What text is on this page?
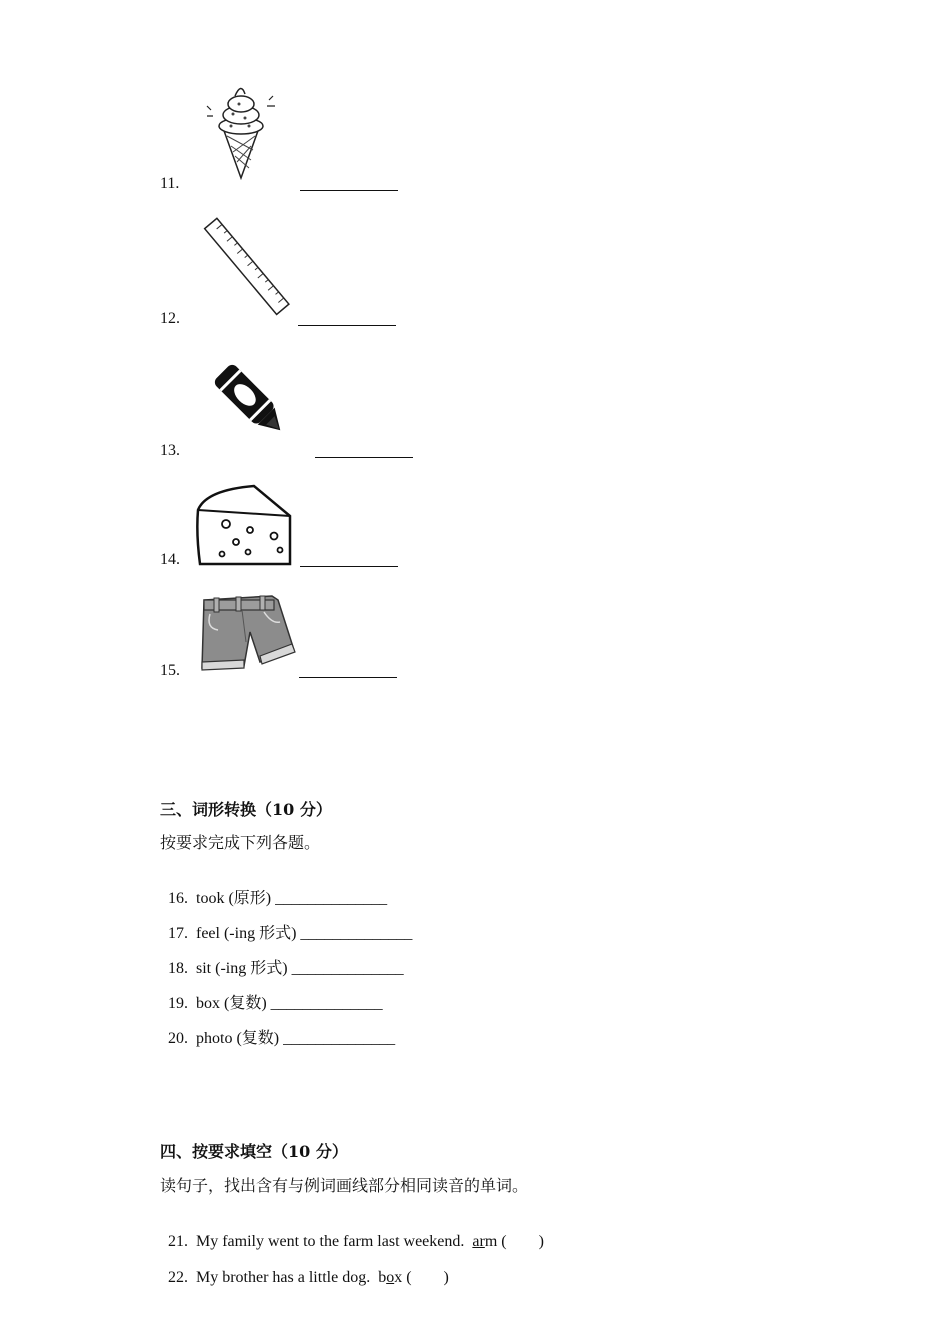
11.
12.
13.
14.
15.
三、词形转换（10 分）
按要求完成下列各题。

16. took (原形) ______________

17. feel (-ing 形式) ______________

18. sit (-ing 形式) ______________

19. box (复数) ______________

20. photo (复数) ______________

四、按要求填空（10 分）
读句子，找出含有与例词画线部分相同读音的单词。

21. My family went to the farm last weekend. arm (        )

22. My brother has a little dog. box (        )
